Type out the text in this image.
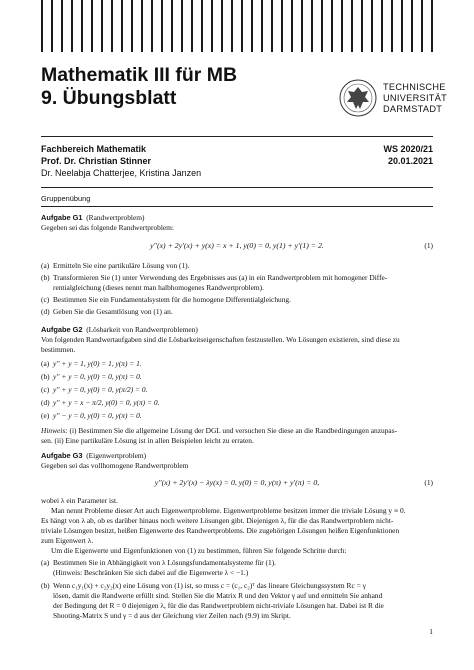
Mathematik III für MB
9. Übungsblatt	TECHNISCHE
UNIVERSITÄT
DARMSTADT
Fachbereich Mathematik
Prof. Dr. Christian Stinner
Dr. Neelabja Chatterjee, Kristina Janzen
WS 2020/21
20.01.2021
Gruppenübung
Aufgabe G1 (Randwertproblem)
Gegeben sei das folgende Randwertproblem:
y′′(x) + 2y′(x) + y(x) = x + 1, y(0) = 0, y(1) + y′(1) = 2.	(1)
(a) Ermitteln Sie eine partikuläre Lösung von (1).
(b) Transformieren Sie (1) unter Verwendung des Ergebnisses aus (a) in ein Randwertproblem mit homogener Diffe-
rentialgleichung (dieses nennt man halbhomogenes Randwertproblem).
(c) Bestimmen Sie ein Fundamentalsystem für die homogene Differentialgleichung.
(d) Geben Sie die Gesamtlösung von (1) an.
Aufgabe G2 (Lösbarkeit von Randwertproblemen)
Von folgenden Randwertaufgaben sind die Lösbarkeitseigenschaften festzustellen. Wo Lösungen existieren, sind diese zu
bestimmen.
(a) y′′ + y = 1, y(0) = 1, y(π) = 1.
(b) y′′ + y = 0, y(0) = 0, y(π) = 0.
(c) y′′ + y = 0, y(0) = 0, y(π/2) = 0.
(d) y′′ + y = x − π/2, y(0) = 0, y(π) = 0.
(e) y′′ − y = 0, y(0) = 0, y(π) = 0.
Hinweis: (i) Bestimmen Sie die allgemeine Lösung der DGL und versuchen Sie diese an die Randbedingungen anzupas-
sen. (ii) Eine partikuläre Lösung ist in allen Beispielen leicht zu erraten.
Aufgabe G3 (Eigenwertproblem)
Gegeben sei das vollhomogene Randwertproblem
y′′(x) + 2y′(x) − λy(x) = 0, y(0) = 0, y(π) + y′(π) = 0,	(1)
wobei λ ein Parameter ist.
Man nennt Probleme dieser Art auch Eigenwertprobleme. Eigenwertprobleme besitzen immer die triviale Lösung y ≡ 0.
Es hängt von λ ab, ob es darüber hinaus noch weitere Lösungen gibt. Diejenigen λ, für die das Randwertproblem nicht-
triviale Lösungen besitzt, heißen Eigenwerte des Randwertproblems. Die zugehörigen Lösungen heißen Eigenfunktionen
zum Eigenwert λ.
Um die Eigenwerte und Eigenfunktionen von (1) zu bestimmen, führen Sie folgende Schritte durch:
(a) Bestimmen Sie in Abhängigkeit von λ Lösungsfundamentalsysteme für (1).
(Hinweis: Beschränken Sie sich dabei auf die Eigenwerte λ < −1.)
(b) Wenn c₁y₁(x) + c₂y₂(x) eine Lösung von (1) ist, so muss c = (c₁, c₂)ᵀ das lineare Gleichungssystem Rc = γ
lösen, damit die Randwerte erfüllt sind. Stellen Sie die Matrix R und den Vektor γ auf und ermitteln Sie anhand
der Bedingung det R = 0 diejenigen λ, für die das Randwertproblem nicht-triviale Lösungen hat. Dabei ist R die
Shooting-Matrix S und γ = d aus der Gleichung vier Zeilen nach (9.9) im Skript.
1
